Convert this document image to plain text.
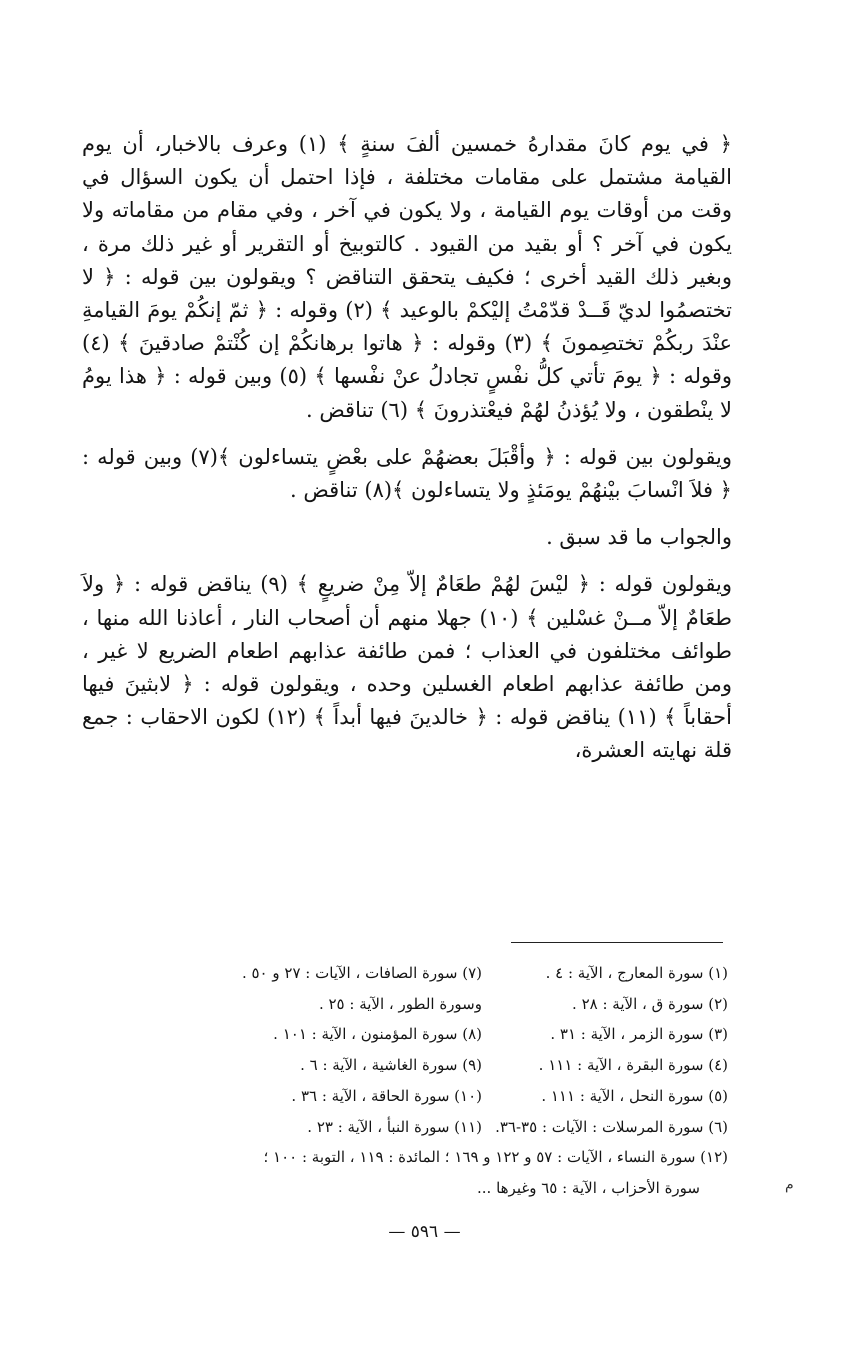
﴿ في يوم كانَ مقدارهُ خمسين ألفَ سنةٍ ﴾ (١) وعرف بالاخبار، أن يوم القيامة مشتمل على مقامات مختلفة ، فإذا احتمل أن يكون السؤال في وقت من أوقات يوم القيامة ، ولا يكون في آخر ، وفي مقام من مقاماته ولا يكون في آخر ؟ أو بقيد من القيود . كالتوبيخ أو التقرير أو غير ذلك مرة ، وبغير ذلك القيد أخرى ؛ فكيف يتحقق التناقض ؟ ويقولون بين قوله : ﴿ لا تختصمُوا لديّ قَــدْ قدّمْتُ إليْكمْ بالوعيد ﴾ (٢) وقوله : ﴿ ثمّ إنكُمْ يومَ القيامةِ عنْدَ ربكُمْ تختصِمونَ ﴾ (٣) وقوله : ﴿ هاتوا برهانكُمْ إن كُنْتمْ صادقينَ ﴾ (٤) وقوله : ﴿ يومَ تأتي كلُّ نفْسٍ تجادلُ عنْ نفْسها ﴾ (٥) وبين قوله : ﴿ هذا يومُ لا ينْطقون ، ولا يُؤذنُ لهُمْ فيعْتذرونَ ﴾ (٦) تناقض .

ويقولون بين قوله : ﴿ وأقْبَلَ بعضهُمْ على بعْضٍ يتساءلون ﴾(٧) وبين قوله : ﴿ فلاَ انْسابَ بيْنهُمْ يومَئذٍ ولا يتساءلون ﴾(٨) تناقض .

والجواب ما قد سبق .

ويقولون قوله : ﴿ ليْسَ لهُمْ طعَامٌ إلاّ مِنْ ضريعٍ ﴾ (٩) يناقض قوله : ﴿ ولاَ طعَامٌ إلاّ مــنْ غسْلين ﴾ (١٠) جهلا منهم أن أصحاب النار ، أعاذنا الله منها ، طوائف مختلفون في العذاب ؛ فمن طائفة عذابهم اطعام الضريع لا غير ، ومن طائفة عذابهم اطعام الغسلين وحده ، ويقولون قوله : ﴿ لابثينَ فيها أحقاباً ﴾ (١١) يناقض قوله : ﴿ خالدينَ فيها أبداً ﴾ (١٢) لكون الاحقاب : جمع قلة نهايته العشرة،

(١) سورة المعارج ، الآية : ٤ .
(٧) سورة الصافات ، الآيات : ٢٧ و ٥٠ .
(٢) سورة ق ، الآية : ٢٨ .
وسورة الطور ، الآية : ٢٥ .
(٣) سورة الزمر ، الآية : ٣١ .
(٨) سورة المؤمنون ، الآية : ١٠١ .
(٤) سورة البقرة ، الآية : ١١١ .
(٩) سورة الغاشية ، الآية : ٦ .
(٥) سورة النحل ، الآية : ١١١ .
(١٠) سورة الحاقة ، الآية : ٣٦ .
(٦) سورة المرسلات : الآيات : ٣٥-٣٦.
(١١) سورة النبأ ، الآية : ٢٣ .
(١٢) سورة النساء ، الآيات : ٥٧ و ١٢٢ و ١٦٩ ؛ المائدة : ١١٩ ، التوبة : ١٠٠ ؛
سورة الأحزاب ، الآية : ٦٥ وغيرها ...	م
— ٥٩٦ —
